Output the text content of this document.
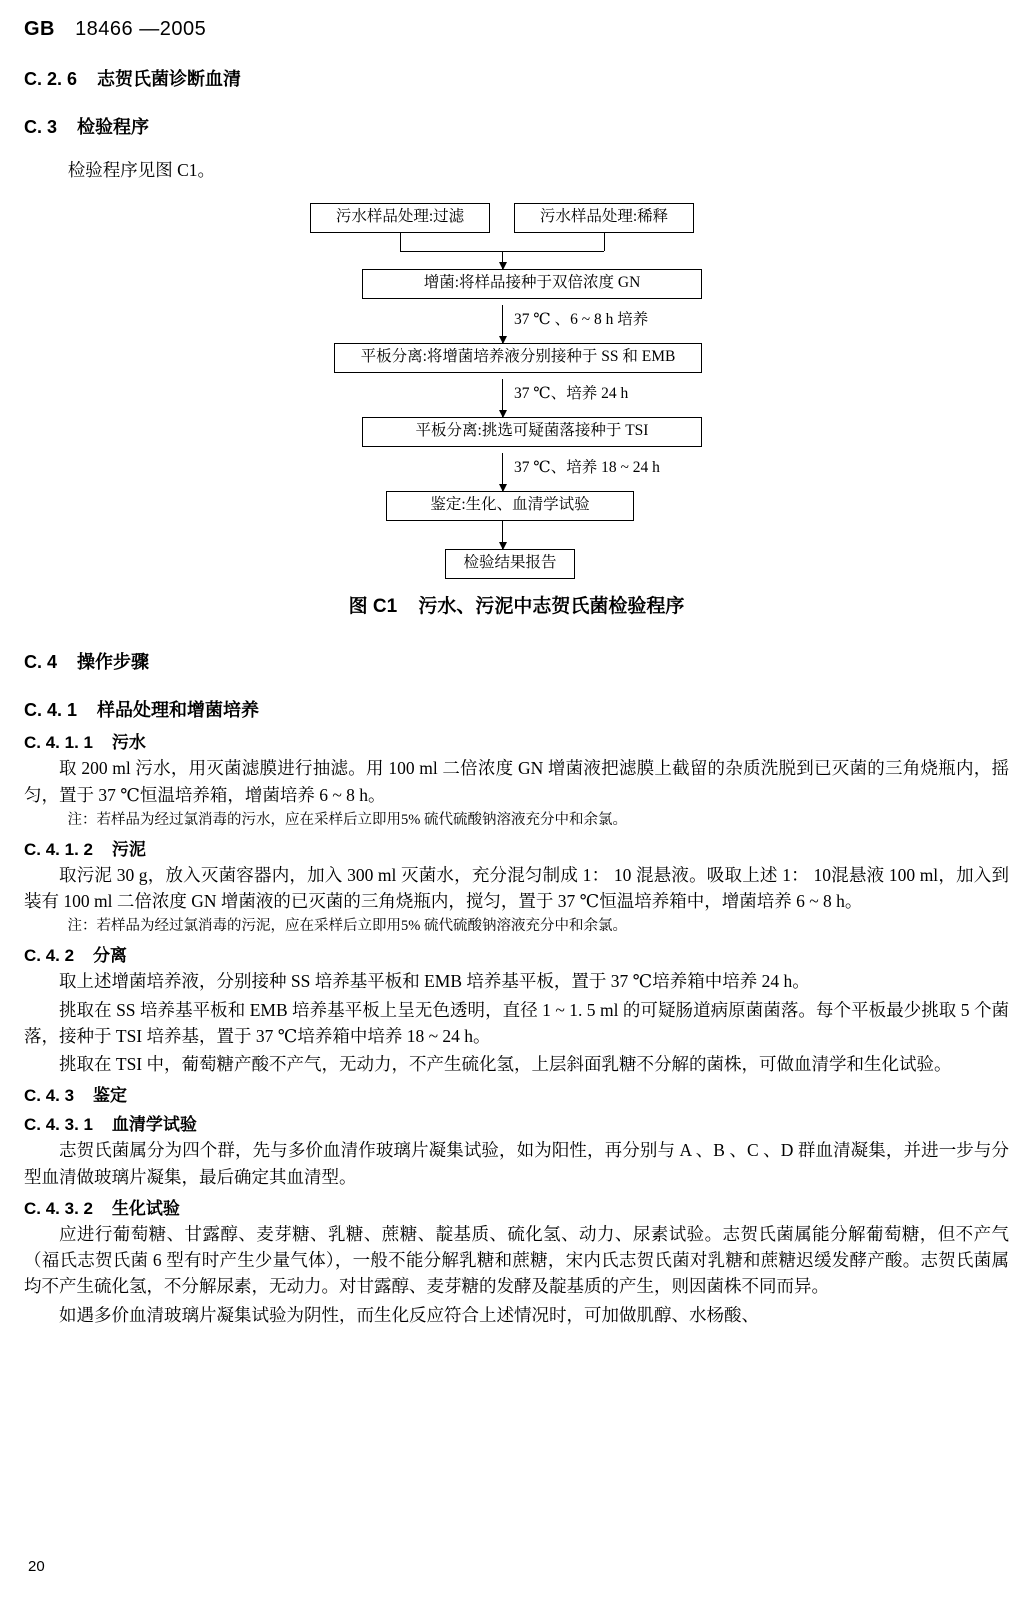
GB 18466 —2005
C. 2. 6    志贺氏菌诊断血清
C. 3    检验程序

检验程序见图 C1。

污水样品处理:过滤	污水样品处理:稀释
增菌:将样品接种于双倍浓度 GN
37 ℃ 、6 ~ 8 h 培养
平板分离:将增菌培养液分别接种于 SS 和 EMB
37 ℃、培养 24 h
平板分离:挑选可疑菌落接种于 TSI
37 ℃、培养 18 ~ 24 h
鉴定:生化、血清学试验
检验结果报告
图 C1    污水、污泥中志贺氏菌检验程序
C. 4    操作步骤
C. 4. 1    样品处理和增菌培养
C. 4. 1. 1    污水

取 200 ml 污水，用灭菌滤膜进行抽滤。用 100 ml 二倍浓度 GN 增菌液把滤膜上截留的杂质洗脱到已灭菌的三角烧瓶内，摇匀，置于 37 ℃恒温培养箱，增菌培养 6 ~ 8 h。

注：若样品为经过氯消毒的污水，应在采样后立即用5% 硫代硫酸钠溶液充分中和余氯。

C. 4. 1. 2    污泥

取污泥 30 g，放入灭菌容器内，加入 300 ml 灭菌水，充分混匀制成 1： 10 混悬液。吸取上述 1： 10混悬液 100 ml，加入到装有 100 ml 二倍浓度 GN 增菌液的已灭菌的三角烧瓶内，搅匀，置于 37 ℃恒温培养箱中，增菌培养 6 ~ 8 h。

注：若样品为经过氯消毒的污泥，应在采样后立即用5% 硫代硫酸钠溶液充分中和余氯。

C. 4. 2    分离

取上述增菌培养液，分别接种 SS 培养基平板和 EMB 培养基平板，置于 37 ℃培养箱中培养 24 h。

挑取在 SS 培养基平板和 EMB 培养基平板上呈无色透明，直径 1 ~ 1. 5 ml 的可疑肠道病原菌菌落。每个平板最少挑取 5 个菌落，接种于 TSI 培养基，置于 37 ℃培养箱中培养 18 ~ 24 h。

挑取在 TSI 中，葡萄糖产酸不产气，无动力，不产生硫化氢，上层斜面乳糖不分解的菌株，可做血清学和生化试验。

C. 4. 3    鉴定
C. 4. 3. 1    血清学试验

志贺氏菌属分为四个群，先与多价血清作玻璃片凝集试验，如为阳性，再分别与 A 、B 、C 、D 群血清凝集，并进一步与分型血清做玻璃片凝集，最后确定其血清型。

C. 4. 3. 2    生化试验

应进行葡萄糖、甘露醇、麦芽糖、乳糖、蔗糖、靛基质、硫化氢、动力、尿素试验。志贺氏菌属能分解葡萄糖，但不产气（福氏志贺氏菌 6 型有时产生少量气体），一般不能分解乳糖和蔗糖，宋内氏志贺氏菌对乳糖和蔗糖迟缓发酵产酸。志贺氏菌属均不产生硫化氢，不分解尿素，无动力。对甘露醇、麦芽糖的发酵及靛基质的产生，则因菌株不同而异。

如遇多价血清玻璃片凝集试验为阴性，而生化反应符合上述情况时，可加做肌醇、水杨酸、

20
